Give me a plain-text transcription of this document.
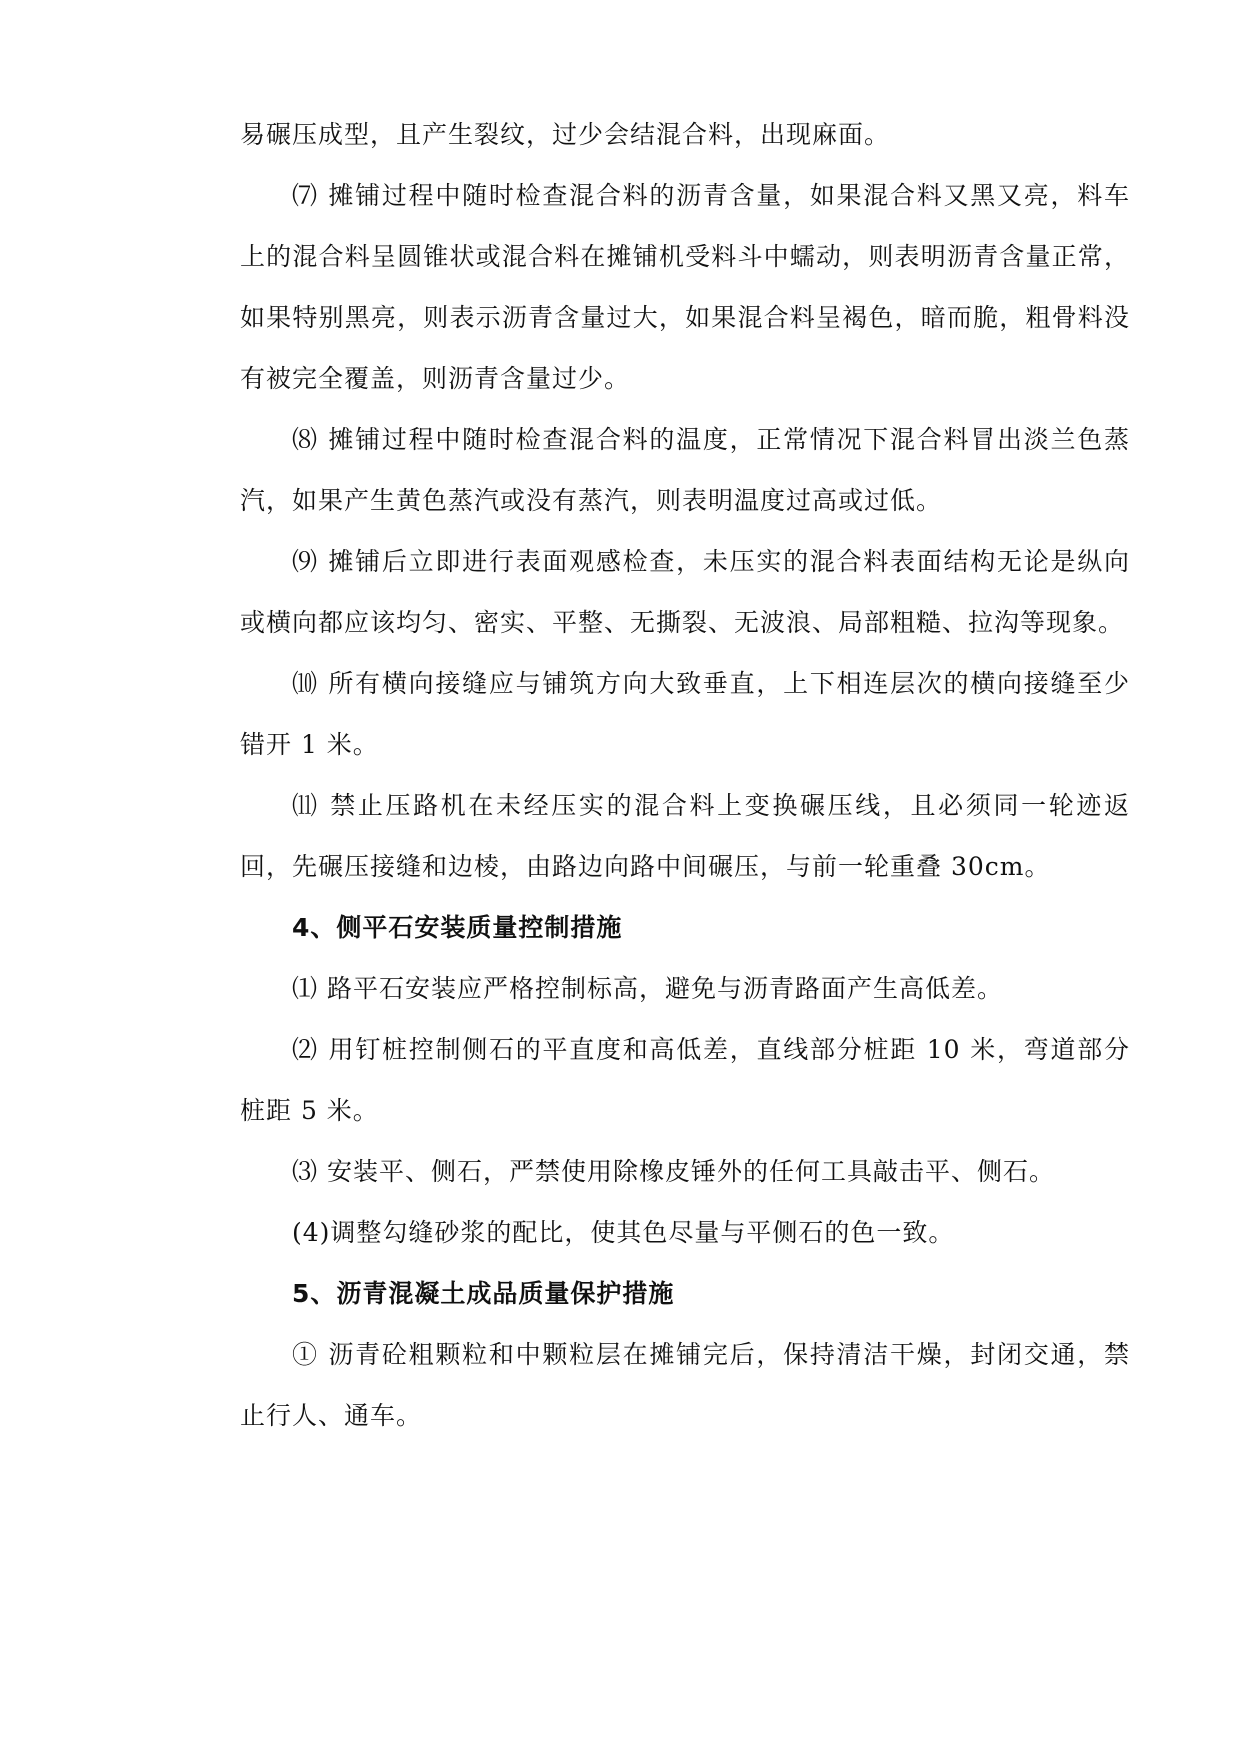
易碾压成型，且产生裂纹，过少会结混合料，出现麻面。

⑺ 摊铺过程中随时检查混合料的沥青含量，如果混合料又黑又亮，料车上的混合料呈圆锥状或混合料在摊铺机受料斗中蠕动，则表明沥青含量正常，如果特别黑亮，则表示沥青含量过大，如果混合料呈褐色，暗而脆，粗骨料没有被完全覆盖，则沥青含量过少。

⑻ 摊铺过程中随时检查混合料的温度，正常情况下混合料冒出淡兰色蒸汽，如果产生黄色蒸汽或没有蒸汽，则表明温度过高或过低。

⑼ 摊铺后立即进行表面观感检查，未压实的混合料表面结构无论是纵向或横向都应该均匀、密实、平整、无撕裂、无波浪、局部粗糙、拉沟等现象。

⑽ 所有横向接缝应与铺筑方向大致垂直，上下相连层次的横向接缝至少错开 1 米。

⑾ 禁止压路机在未经压实的混合料上变换碾压线，且必须同一轮迹返回，先碾压接缝和边棱，由路边向路中间碾压，与前一轮重叠 30cm。

4、侧平石安装质量控制措施

⑴ 路平石安装应严格控制标高，避免与沥青路面产生高低差。

⑵ 用钉桩控制侧石的平直度和高低差，直线部分桩距 10 米，弯道部分桩距 5 米。

⑶ 安装平、侧石，严禁使用除橡皮锤外的任何工具敲击平、侧石。

(4)调整勾缝砂浆的配比，使其色尽量与平侧石的色一致。

5、沥青混凝土成品质量保护措施

① 沥青砼粗颗粒和中颗粒层在摊铺完后，保持清洁干燥，封闭交通，禁止行人、通车。
